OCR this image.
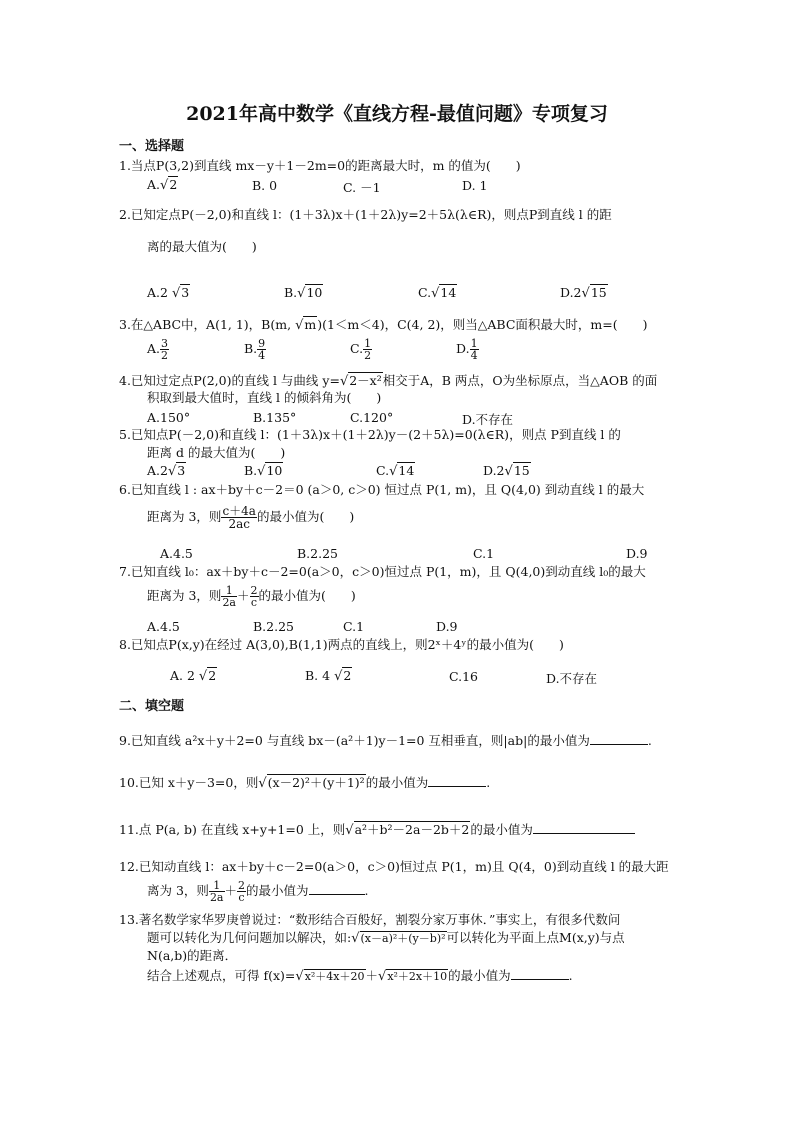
2021年高中数学《直线方程-最值问题》专项复习
一、选择题
1.当点P(3,2)到直线 mx－y＋1－2m=0的距离最大时，m 的值为(　　)
A.√2	B. 0	C. －1	D. 1
2.已知定点P(－2,0)和直线 l：(1＋3λ)x＋(1＋2λ)y=2＋5λ(λ∈R)，则点P到直线 l 的距
离的最大值为(　　)
A.2 √3	B.√10	C.√14	D.2√15
3.在△ABC中，A(1, 1)，B(m, √m)(1＜m＜4)，C(4, 2)，则当△ABC面积最大时，m=(　　)
A. $\frac{3}{2}$	B. $\frac{9}{4}$	C. $\frac{1}{2}$	D. $\frac{1}{4}$
4.已知过定点P(2,0)的直线 l 与曲线 y=√2－x²相交于A，B 两点，O为坐标原点，当△AOB 的面
积取到最大值时，直线 l 的倾斜角为(　　)
A.150°	B.135°	C.120°	D.不存在
5.已知点P(－2,0)和直线 l：(1＋3λ)x＋(1＋2λ)y－(2＋5λ)=0(λ∈R)，则点 P到直线 l 的
距离 d 的最大值为(　　)
A.2√3	B.√10	C.√14	D.2√15
6.已知直线 l : ax＋by＋c－2＝0 (a＞0, c＞0) 恒过点 P(1, m)，且 Q(4,0) 到动直线 l 的最大
距离为 3，则 $\frac{c+4a}{2ac}$ 的最小值为(　　)
A.4.5	B.2.25	C.1	D.9
7.已知直线 l₀：ax＋by＋c－2=0(a＞0，c＞0)恒过点 P(1，m)，且 Q(4,0)到动直线 l₀的最大
距离为 3，则 $\frac{1}{2a} + \frac{2}{c}$ 的最小值为(　　)
A.4.5	B.2.25	C.1	D.9
8.已知点P(x,y)在经过 A(3,0),B(1,1)两点的直线上，则2ˣ＋4ʸ的最小值为(　　)
A. 2 √2	B. 4 √2	C.16	D.不存在
二、填空题
9.已知直线 a²x＋y＋2=0 与直线 bx－(a²＋1)y－1=0 互相垂直，则|ab|的最小值为	.
10.已知 x＋y－3=0，则√(x－2)²＋(y＋1)²的最小值为	.
11.点 P(a, b) 在直线 x+y+1=0 上，则√a²＋b²－2a－2b＋2的最小值为
12.已知动直线 l：ax＋by＋c－2=0(a＞0，c＞0)恒过点 P(1，m)且 Q(4，0)到动直线 l 的最大距
离为 3，则 $\frac{1}{2a} + \frac{2}{c}$ 的最小值为	.
13.著名数学家华罗庚曾说过：“数形结合百般好，割裂分家万事休．”事实上，有很多代数问
题可以转化为几何问题加以解决，如:√(x－a)²＋(y－b)²可以转化为平面上点M(x,y)与点
N(a,b)的距离．
结合上述观点，可得 f(x)=√x²＋4x＋20＋√x²＋2x＋10的最小值为	.
